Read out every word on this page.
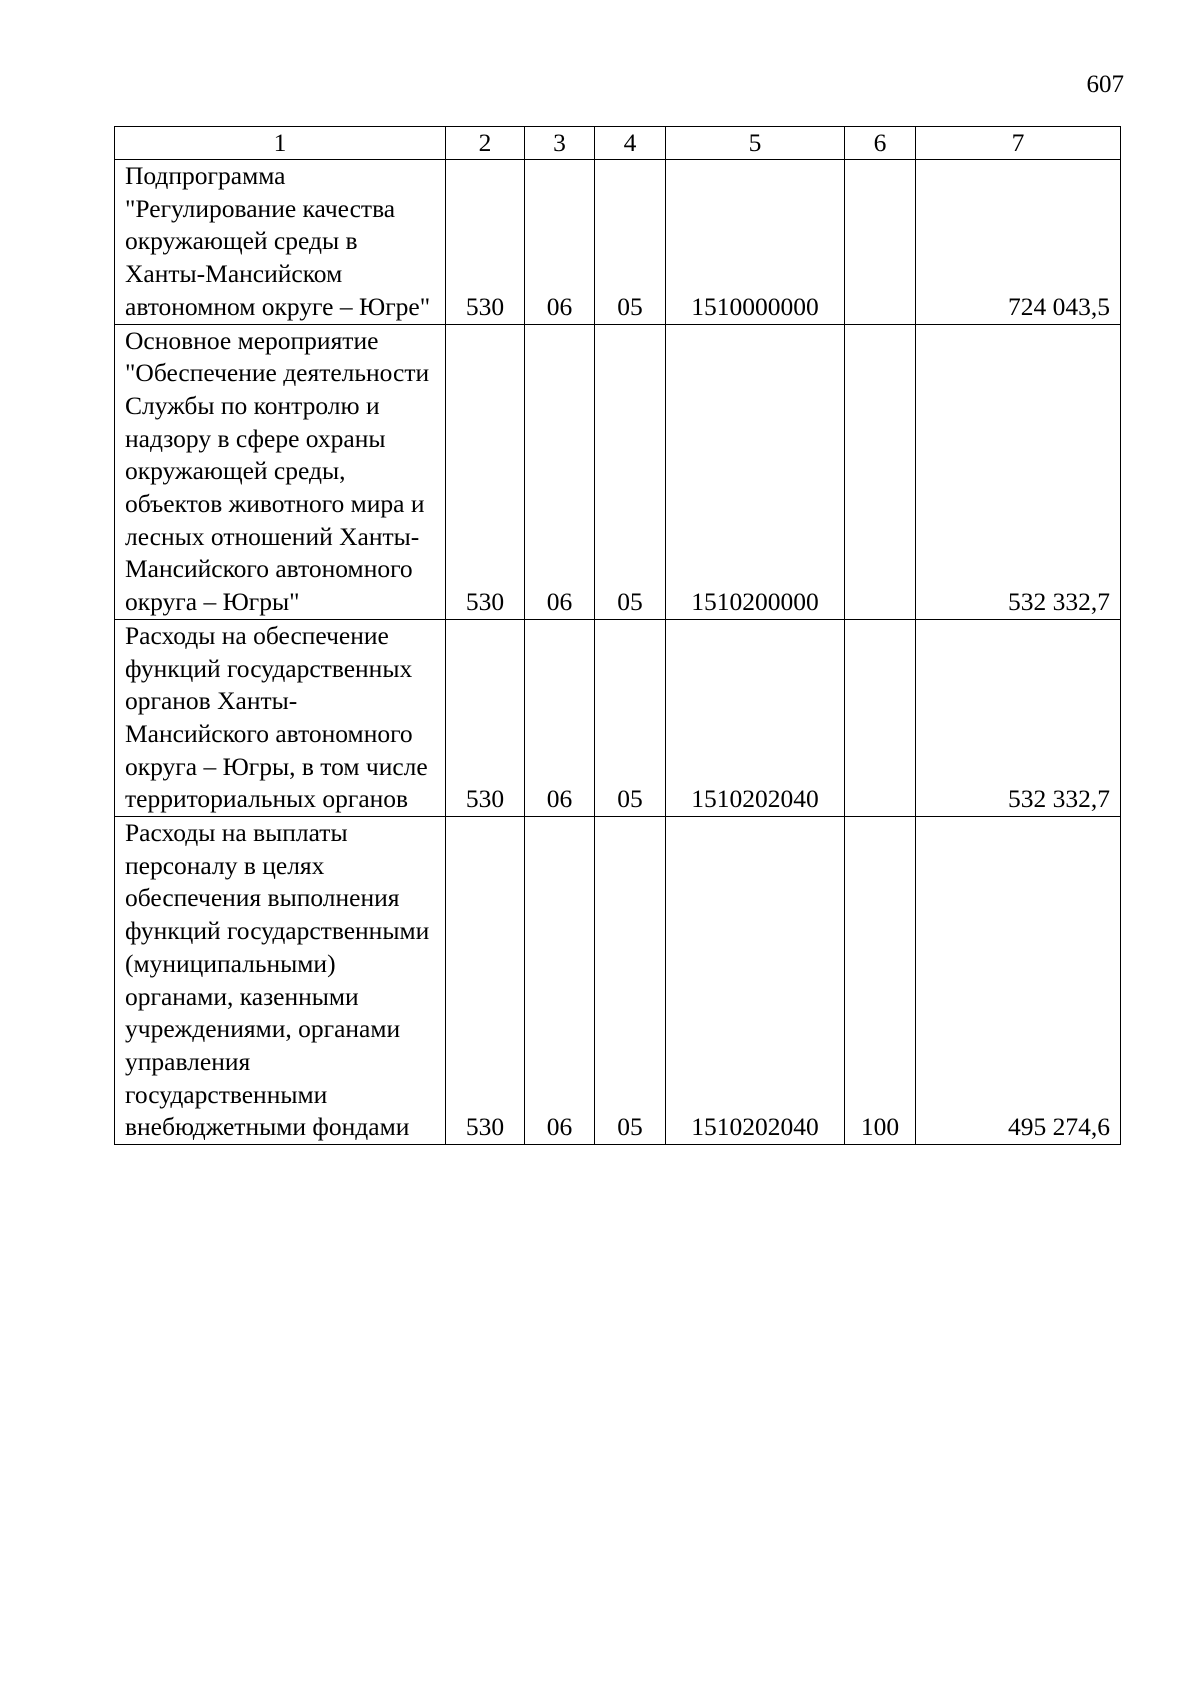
607
1	2	3	4	5	6	7
Подпрограмма "Регулирование качества окружающей среды в Ханты-Мансийском автономном округе – Югре"	530	06	05	1510000000		724 043,5
Основное мероприятие "Обеспечение деятельности Службы по контролю и надзору в сфере охраны окружающей среды, объектов животного мира и лесных отношений Ханты-Мансийского автономного округа – Югры"	530	06	05	1510200000		532 332,7
Расходы на обеспечение функций государственных органов Ханты-Мансийского автономного округа – Югры, в том числе территориальных органов	530	06	05	1510202040		532 332,7
Расходы на выплаты персоналу в целях обеспечения выполнения функций государственными (муниципальными) органами, казенными учреждениями, органами управления государственными внебюджетными фондами	530	06	05	1510202040	100	495 274,6
